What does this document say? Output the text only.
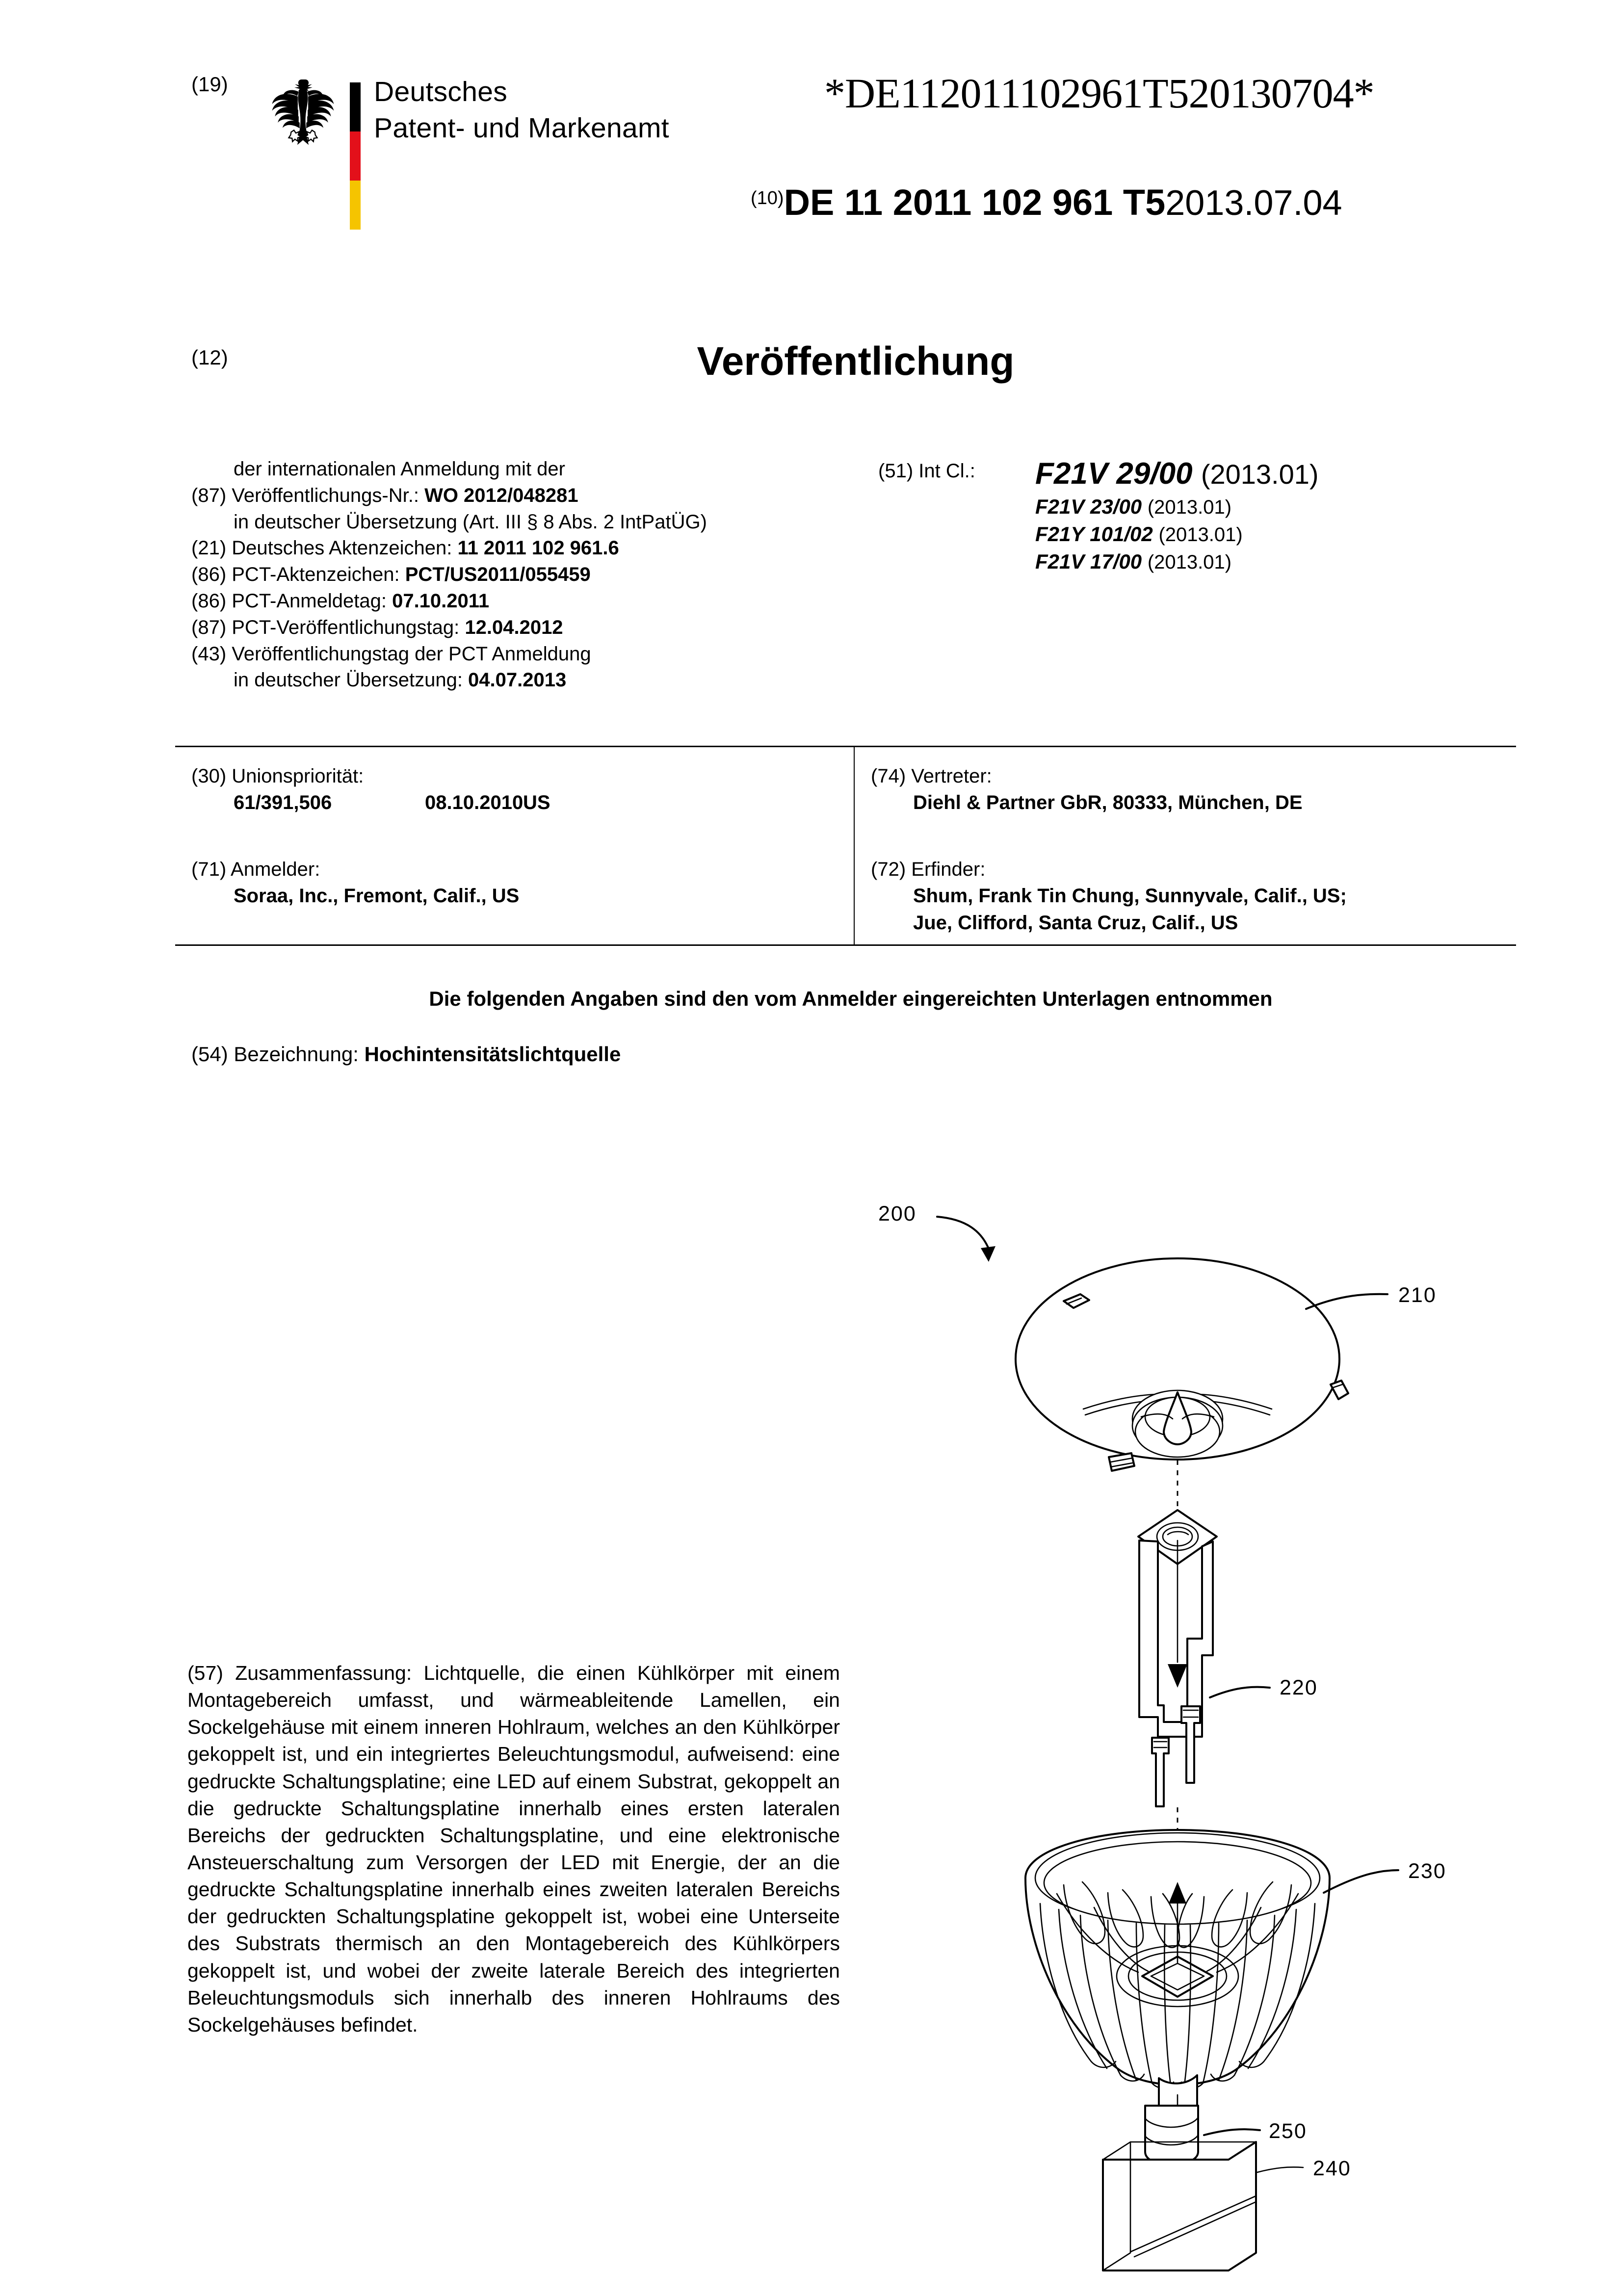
(19)	Deutsches
Patent- und Markenamt
*DE112011102961T520130704*
$^{(10)}$DE 11 2011 102 961 T52013.07.04
(12)	Veröffentlichung
der internationalen Anmeldung mit der
(87) Veröffentlichungs-Nr.: WO 2012/048281
in deutscher Übersetzung (Art. III § 8 Abs. 2 IntPatÜG)
(21) Deutsches Aktenzeichen: 11 2011 102 961.6
(86) PCT-Aktenzeichen: PCT/US2011/055459
(86) PCT-Anmeldetag: 07.10.2011
(87) PCT-Veröffentlichungstag: 12.04.2012
(43) Veröffentlichungstag der PCT Anmeldung
in deutscher Übersetzung: 04.07.2013
(51) Int Cl.: F21V 29/00 (2013.01)
F21V 23/00 (2013.01)
F21Y 101/02 (2013.01)
F21V 17/00 (2013.01)
(30) Unionspriorität:
61/391,506	08.10.2010US
(71) Anmelder:
Soraa, Inc., Fremont, Calif., US
(74) Vertreter:
Diehl & Partner GbR, 80333, München, DE
(72) Erfinder:
Shum, Frank Tin Chung, Sunnyvale, Calif., US;
Jue, Clifford, Santa Cruz, Calif., US
Die folgenden Angaben sind den vom Anmelder eingereichten Unterlagen entnommen
(54) Bezeichnung: Hochintensitätslichtquelle
(57) Zusammenfassung: Lichtquelle, die einen Kühlkörper mit einem Montagebereich umfasst, und wärmeableitende Lamellen, ein Sockelgehäuse mit einem inneren Hohlraum, welches an den Kühlkörper gekoppelt ist, und ein integriertes Beleuchtungsmodul, aufweisend: eine gedruckte Schaltungsplatine; eine LED auf einem Substrat, gekoppelt an die gedruckte Schaltungsplatine innerhalb eines ersten lateralen Bereichs der gedruckten Schaltungsplatine, und eine elektronische Ansteuerschaltung zum Versorgen der LED mit Energie, der an die gedruckte Schaltungsplatine innerhalb eines zweiten lateralen Bereichs der gedruckten Schaltungsplatine gekoppelt ist, wobei eine Unterseite des Substrats thermisch an den Montagebereich des Kühlkörpers gekoppelt ist, und wobei der zweite laterale Bereich des integrierten Beleuchtungsmoduls sich innerhalb des inneren Hohlraums des Sockelgehäuses befindet.
200
210
220
230
250
240
